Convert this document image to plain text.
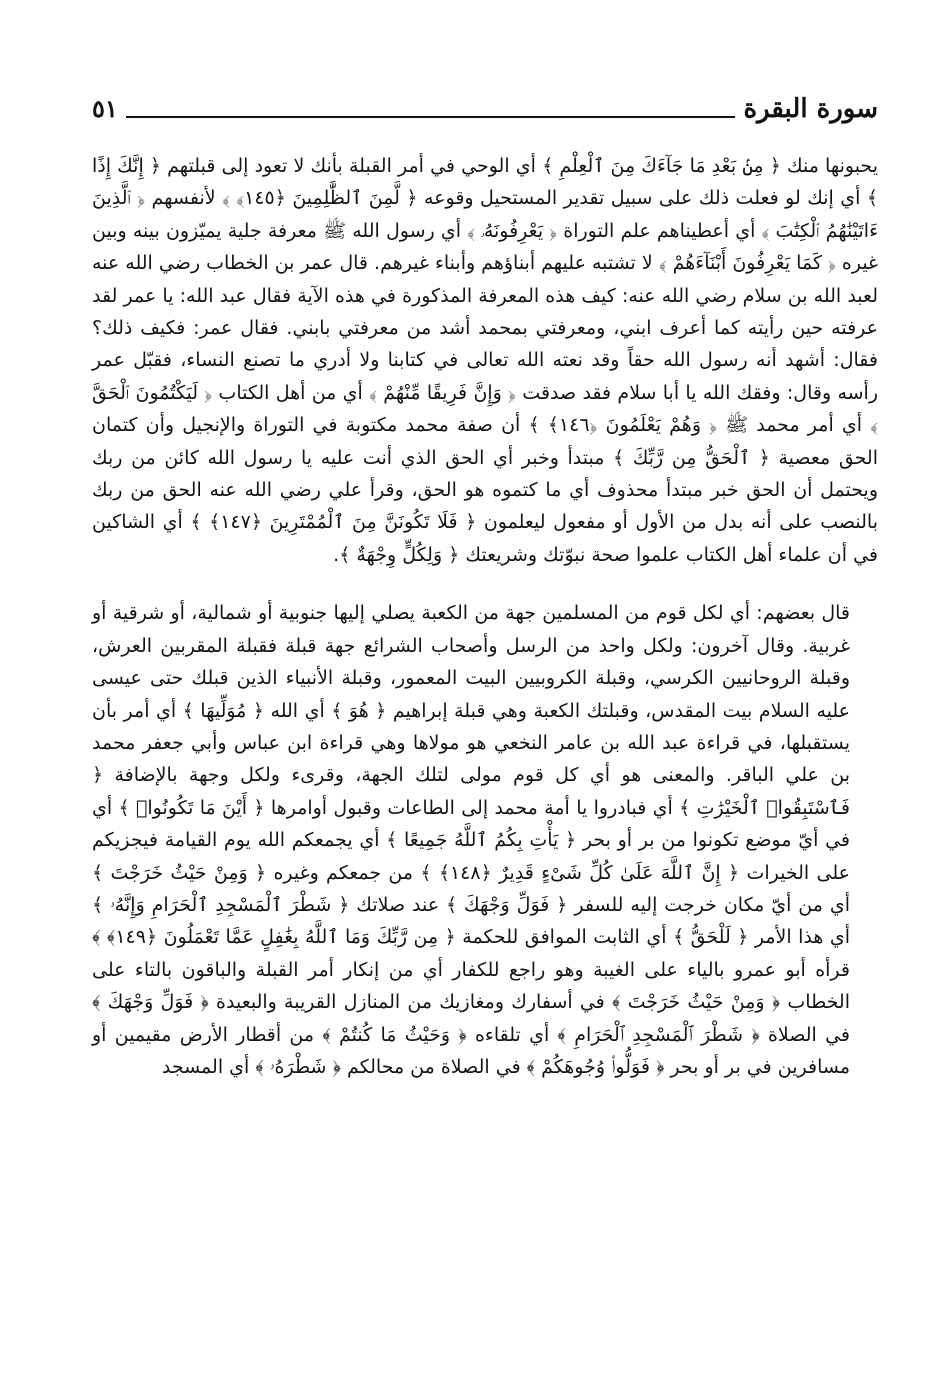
سورة البقرة
٥١

يحبونها منك ﴿ مِنۢ بَعْدِ مَا جَآءَكَ مِنَ ٱلْعِلْمِ ﴾ أي الوحي في أمر القبلة بأنك لا تعود إلى قبلتهم ﴿ إِنَّكَ إِذًا ﴾ أي إنك لو فعلت ذلك على سبيل تقدير المستحيل وقوعه ﴿ لَّمِنَ ٱلظَّٰلِمِينَ ﴿١٤٥﴾ ﴾ لأنفسهم ﴿ ٱلَّذِينَ ءَاتَيْنَٰهُمُ ٱلْكِتَٰبَ ﴾ أي أعطيناهم علم التوراة ﴿ يَعْرِفُونَهُۥ ﴾ أي رسول الله ﷺ معرفة جلية يميّزون بينه وبين غيره ﴿ كَمَا يَعْرِفُونَ أَبْنَآءَهُمْ ﴾ لا تشتبه عليهم أبناؤهم وأبناء غيرهم. قال عمر بن الخطاب رضي الله عنه لعبد الله بن سلام رضي الله عنه: كيف هذه المعرفة المذكورة في هذه الآية فقال عبد الله: يا عمر لقد عرفته حين رأيته كما أعرف ابني، ومعرفتي بمحمد أشد من معرفتي بابني. فقال عمر: فكيف ذلك؟ فقال: أشهد أنه رسول الله حقاً وقد نعته الله تعالى في كتابنا ولا أدري ما تصنع النساء، فقبّل عمر رأسه وقال: وفقك الله يا أبا سلام فقد صدقت ﴿ وَإِنَّ فَرِيقًا مِّنْهُمْ ﴾ أي من أهل الكتاب ﴿ لَيَكْتُمُونَ ٱلْحَقَّ ﴾ أي أمر محمد ﷺ ﴿ وَهُمْ يَعْلَمُونَ ﴿١٤٦﴾ ﴾ أن صفة محمد مكتوبة في التوراة والإنجيل وأن كتمان الحق معصية ﴿ ٱلْحَقُّ مِن رَّبِّكَ ﴾ مبتدأ وخبر أي الحق الذي أنت عليه يا رسول الله كائن من ربك ويحتمل أن الحق خبر مبتدأ محذوف أي ما كتموه هو الحق، وقرأ علي رضي الله عنه الحق من ربك بالنصب على أنه بدل من الأول أو مفعول ليعلمون ﴿ فَلَا تَكُونَنَّ مِنَ ٱلْمُمْتَرِينَ ﴿١٤٧﴾ ﴾ أي الشاكين في أن علماء أهل الكتاب علموا صحة نبوّتك وشريعتك ﴿ وَلِكُلٍّ وِجْهَةٌ ﴾.

قال بعضهم: أي لكل قوم من المسلمين جهة من الكعبة يصلي إليها جنوبية أو شمالية، أو شرقية أو غربية. وقال آخرون: ولكل واحد من الرسل وأصحاب الشرائع جهة قبلة فقبلة المقربين العرش، وقبلة الروحانيين الكرسي، وقبلة الكروبيين البيت المعمور، وقبلة الأنبياء الذين قبلك حتى عيسى عليه السلام بيت المقدس، وقبلتك الكعبة وهي قبلة إبراهيم ﴿ هُوَ ﴾ أي الله ﴿ مُوَلِّيهَا ﴾ أي أمر بأن يستقبلها، في قراءة عبد الله بن عامر النخعي هو مولاها وهي قراءة ابن عباس وأبي جعفر محمد بن علي الباقر. والمعنى هو أي كل قوم مولى لتلك الجهة، وقرىء ولكل وجهة بالإضافة ﴿ فَٱسْتَبِقُوا۟ ٱلْخَيْرَٰتِ ﴾ أي فبادروا يا أمة محمد إلى الطاعات وقبول أوامرها ﴿ أَيْنَ مَا تَكُونُوا۟ ﴾ أي في أيّ موضع تكونوا من بر أو بحر ﴿ يَأْتِ بِكُمُ ٱللَّهُ جَمِيعًا ﴾ أي يجمعكم الله يوم القيامة فيجزيكم على الخيرات ﴿ إِنَّ ٱللَّهَ عَلَىٰ كُلِّ شَىْءٍ قَدِيرٌ ﴿١٤٨﴾ ﴾ من جمعكم وغيره ﴿ وَمِنْ حَيْثُ خَرَجْتَ ﴾ أي من أيّ مكان خرجت إليه للسفر ﴿ فَوَلِّ وَجْهَكَ ﴾ عند صلاتك ﴿ شَطْرَ ٱلْمَسْجِدِ ٱلْحَرَامِ وَإِنَّهُۥ ﴾ أي هذا الأمر ﴿ لَلْحَقُّ ﴾ أي الثابت الموافق للحكمة ﴿ مِن رَّبِّكَ وَمَا ٱللَّهُ بِغَٰفِلٍ عَمَّا تَعْمَلُونَ ﴿١٤٩﴾ ﴾ قرأه أبو عمرو بالياء على الغيبة وهو راجع للكفار أي من إنكار أمر القبلة والباقون بالتاء على الخطاب ﴿ وَمِنْ حَيْثُ خَرَجْتَ ﴾ في أسفارك ومغازيك من المنازل القريبة والبعيدة ﴿ فَوَلِّ وَجْهَكَ ﴾ في الصلاة ﴿ شَطْرَ ٱلْمَسْجِدِ ٱلْحَرَامِ ﴾ أي تلقاءه ﴿ وَحَيْثُ مَا كُنتُمْ ﴾ من أقطار الأرض مقيمين أو مسافرين في بر أو بحر ﴿ فَوَلُّوا۟ وُجُوهَكُمْ ﴾ في الصلاة من محالكم ﴿ شَطْرَهُۥ ﴾ أي المسجد
